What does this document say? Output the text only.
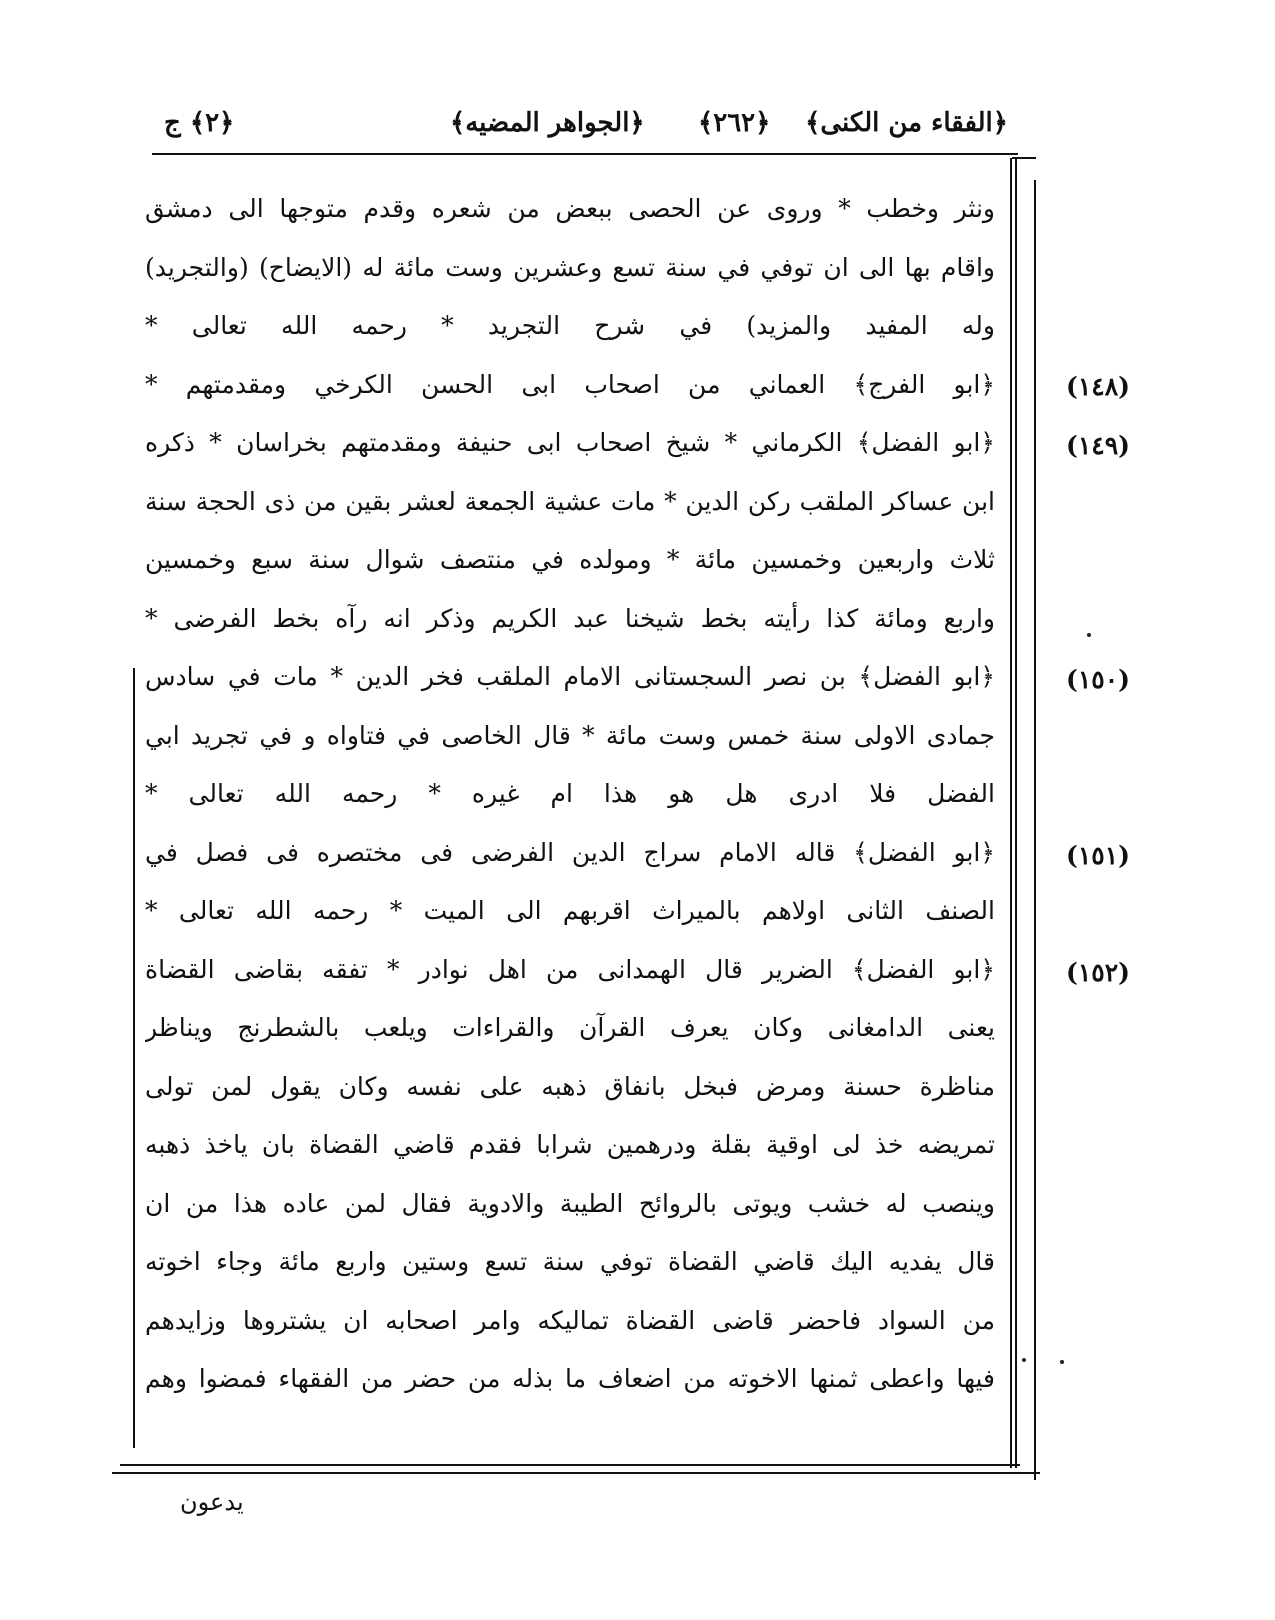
﴿٢﴾ ج	﴿الجواهر المضيه﴾ ﴿٢٦٢﴾ ﴿الفقاء من الكنى﴾
ونثر وخطب * وروى عن الحصى ببعض من شعره وقدم متوجها الى دمشق
واقام بها الى ان توفي في سنة تسع وعشرين وست مائة له (الايضاح) (والتجريد)
وله المفيد والمزيد) في شرح التجريد * رحمه الله تعالى *
﴿ابو الفرج﴾ العماني من اصحاب ابى الحسن الكرخي ومقدمتهم *
﴿ابو الفضل﴾ الكرماني * شيخ اصحاب ابى حنيفة ومقدمتهم بخراسان * ذكره
ابن عساكر الملقب ركن الدين * مات عشية الجمعة لعشر بقين من ذى الحجة سنة
ثلاث واربعين وخمسين مائة * ومولده في منتصف شوال سنة سبع وخمسين
واربع ومائة كذا رأيته بخط شيخنا عبد الكريم وذكر انه رآه بخط الفرضى *
﴿ابو الفضل﴾ بن نصر السجستانى الامام الملقب فخر الدين * مات في سادس
جمادى الاولى سنة خمس وست مائة * قال الخاصى في فتاواه و في تجريد ابي
الفضل فلا ادرى هل هو هذا ام غيره * رحمه الله تعالى *
﴿ابو الفضل﴾ قاله الامام سراج الدين الفرضى فى مختصره فى فصل في
الصنف الثانى اولاهم بالميراث اقربهم الى الميت * رحمه الله تعالى *
﴿ابو الفضل﴾ الضرير قال الهمدانى من اهل نوادر * تفقه بقاضى القضاة
يعنى الدامغانى وكان يعرف القرآن والقراءات ويلعب بالشطرنج ويناظر
مناظرة حسنة ومرض فبخل بانفاق ذهبه على نفسه وكان يقول لمن تولى
تمريضه خذ لى اوقية بقلة ودرهمين شرابا فقدم قاضي القضاة بان ياخذ ذهبه
وينصب له خشب ويوتى بالروائح الطيبة والادوية فقال لمن عاده هذا من ان
قال يفديه اليك قاضي القضاة توفي سنة تسع وستين واربع مائة وجاء اخوته
من السواد فاحضر قاضى القضاة تماليكه وامر اصحابه ان يشتروها وزايدهم
فيها واعطى ثمنها الاخوته من اضعاف ما بذله من حضر من الفقهاء فمضوا وهم
(١٤٨)
(١٤٩)
(١٥٠)
(١٥١)
(١٥٢)
يدعون
